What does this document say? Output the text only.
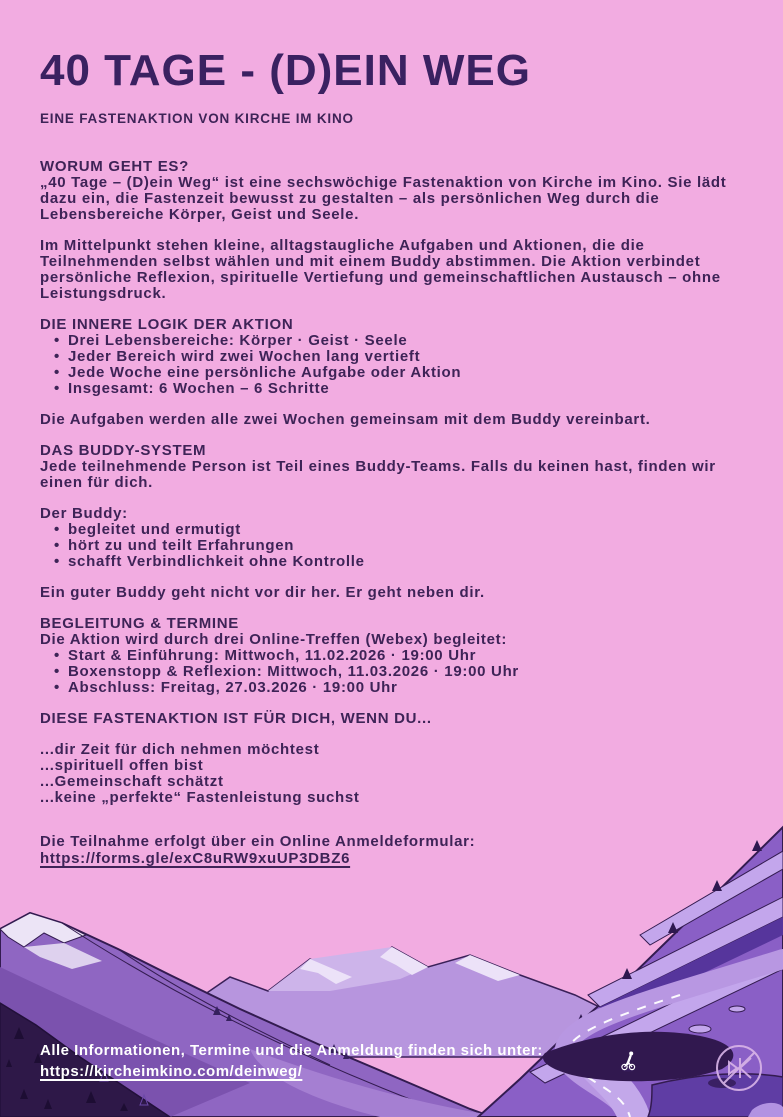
40 TAGE - (D)EIN WEG
EINE FASTENAKTION VON KIRCHE IM KINO
WORUM GEHT ES?
„40 Tage – (D)ein Weg“ ist eine sechswöchige Fastenaktion von Kirche im Kino. Sie lädt dazu ein, die Fastenzeit bewusst zu gestalten – als persönlichen Weg durch die Lebensbereiche Körper, Geist und Seele.
Im Mittelpunkt stehen kleine, alltagstaugliche Aufgaben und Aktionen, die die Teilnehmenden selbst wählen und mit einem Buddy abstimmen. Die Aktion verbindet persönliche Reflexion, spirituelle Vertiefung und gemeinschaftlichen Austausch – ohne Leistungsdruck.
DIE INNERE LOGIK DER AKTION
• Drei Lebensbereiche: Körper · Geist · Seele
• Jeder Bereich wird zwei Wochen lang vertieft
• Jede Woche eine persönliche Aufgabe oder Aktion
• Insgesamt: 6 Wochen – 6 Schritte
Die Aufgaben werden alle zwei Wochen gemeinsam mit dem Buddy vereinbart.
DAS BUDDY-SYSTEM
Jede teilnehmende Person ist Teil eines Buddy-Teams. Falls du keinen hast, finden wir einen für dich.
Der Buddy:
• begleitet und ermutigt
• hört zu und teilt Erfahrungen
• schafft Verbindlichkeit ohne Kontrolle
Ein guter Buddy geht nicht vor dir her. Er geht neben dir.
BEGLEITUNG & TERMINE
Die Aktion wird durch drei Online-Treffen (Webex) begleitet:
• Start & Einführung: Mittwoch, 11.02.2026 · 19:00 Uhr
• Boxenstopp & Reflexion: Mittwoch, 11.03.2026 · 19:00 Uhr
• Abschluss: Freitag, 27.03.2026 · 19:00 Uhr
DIESE FASTENAKTION IST FÜR DICH, WENN DU...
...dir Zeit für dich nehmen möchtest
...spirituell offen bist
...Gemeinschaft schätzt
...keine „perfekte“ Fastenleistung suchst
Die Teilnahme erfolgt über ein Online Anmeldeformular:
https://forms.gle/exC8uRW9xuUP3DBZ6
Alle Informationen, Termine und die Anmeldung finden sich unter:
https://kircheimkino.com/deinweg/
